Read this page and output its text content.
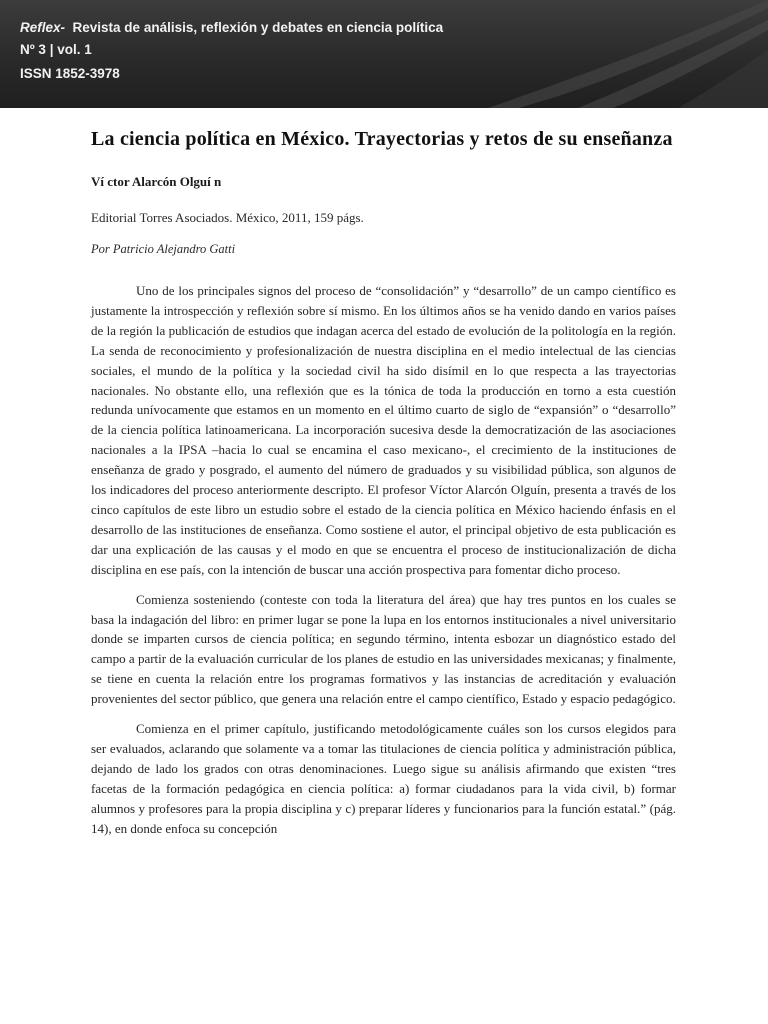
Reflex- Revista de análisis, reflexión y debates en ciencia política
Nº 3 | vol. 1
ISSN 1852-3978
La ciencia política en México. Trayectorias y retos de su enseñanza

Ví ctor Alarcón Olguí n

Editorial Torres Asociados. México, 2011, 159 págs.

Por Patricio Alejandro Gatti

Uno de los principales signos del proceso de “consolidación” y “desarrollo” de un campo científico es justamente la introspección y reflexión sobre sí mismo. En los últimos años se ha venido dando en varios países de la región la publicación de estudios que indagan acerca del estado de evolución de la politología en la región. La senda de reconocimiento y profesionalización de nuestra disciplina en el medio intelectual de las ciencias sociales, el mundo de la política y la sociedad civil ha sido disímil en lo que respecta a las trayectorias nacionales. No obstante ello, una reflexión que es la tónica de toda la producción en torno a esta cuestión redunda unívocamente que estamos en un momento en el último cuarto de siglo de “expansión” o “desarrollo” de la ciencia política latinoamericana. La incorporación sucesiva desde la democratización de las asociaciones nacionales a la IPSA –hacia lo cual se encamina el caso mexicano-, el crecimiento de la instituciones de enseñanza de grado y posgrado, el aumento del número de graduados y su visibilidad pública, son algunos de los indicadores del proceso anteriormente descripto. El profesor Víctor Alarcón Olguín, presenta a través de los cinco capítulos de este libro un estudio sobre el estado de la ciencia política en México haciendo énfasis en el desarrollo de las instituciones de enseñanza. Como sostiene el autor, el principal objetivo de esta publicación es dar una explicación de las causas y el modo en que se encuentra el proceso de institucionalización de dicha disciplina en ese país, con la intención de buscar una acción prospectiva para fomentar dicho proceso.

Comienza sosteniendo (conteste con toda la literatura del área) que hay tres puntos en los cuales se basa la indagación del libro: en primer lugar se pone la lupa en los entornos institucionales a nivel universitario donde se imparten cursos de ciencia política; en segundo término, intenta esbozar un diagnóstico estado del campo a partir de la evaluación curricular de los planes de estudio en las universidades mexicanas; y finalmente, se tiene en cuenta la relación entre los programas formativos y las instancias de acreditación y evaluación provenientes del sector público, que genera una relación entre el campo científico, Estado y espacio pedagógico.

Comienza en el primer capítulo, justificando metodológicamente cuáles son los cursos elegidos para ser evaluados, aclarando que solamente va a tomar las titulaciones de ciencia política y administración pública, dejando de lado los grados con otras denominaciones. Luego sigue su análisis afirmando que existen “tres facetas de la formación pedagógica en ciencia política: a) formar ciudadanos para la vida civil, b) formar alumnos y profesores para la propia disciplina y c) preparar líderes y funcionarios para la función estatal.” (pág. 14), en donde enfoca su concepción
